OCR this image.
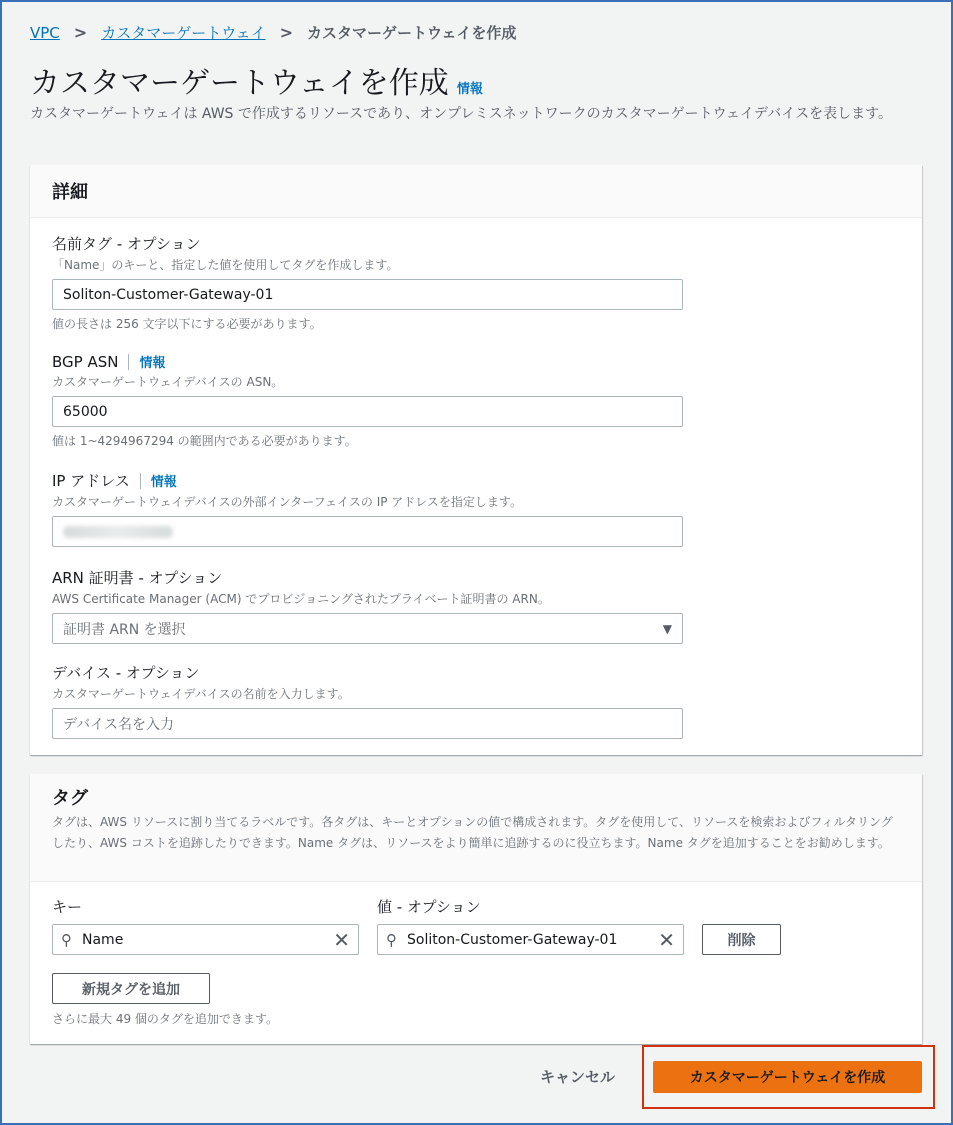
VPC > カスタマーゲートウェイ > カスタマーゲートウェイを作成
カスタマーゲートウェイを作成 情報

カスタマーゲートウェイは AWS で作成するリソースであり、オンプレミスネットワークのカスタマーゲートウェイデバイスを表します。

詳細
名前タグ - オプション
「Name」のキーと、指定した値を使用してタグを作成します。
Soliton-Customer-Gateway-01
値の長さは 256 文字以下にする必要があります。
BGP ASN 情報
カスタマーゲートウェイデバイスの ASN。
65000
値は 1~4294967294 の範囲内である必要があります。
IP アドレス 情報
カスタマーゲートウェイデバイスの外部インターフェイスの IP アドレスを指定します。
ARN 証明書 - オプション
AWS Certificate Manager (ACM) でプロビジョニングされたプライベート証明書の ARN。
証明書 ARN を選択	▼
デバイス - オプション
カスタマーゲートウェイデバイスの名前を入力します。
デバイス名を入力
タグ
タグは、AWS リソースに割り当てるラベルです。各タグは、キーとオプションの値で構成されます。タグを使用して、リソースを検索およびフィルタリングしたり、AWS コストを追跡したりできます。Name タグは、リソースをより簡単に追跡するのに役立ちます。Name タグを追加することをお勧めします。
キー	値 - オプション
⚲ Name	✕ ⚲ Soliton-Customer-Gateway-01 ✕	削除
新規タグを追加
さらに最大 49 個のタグを追加できます。
キャンセル	カスタマーゲートウェイを作成
